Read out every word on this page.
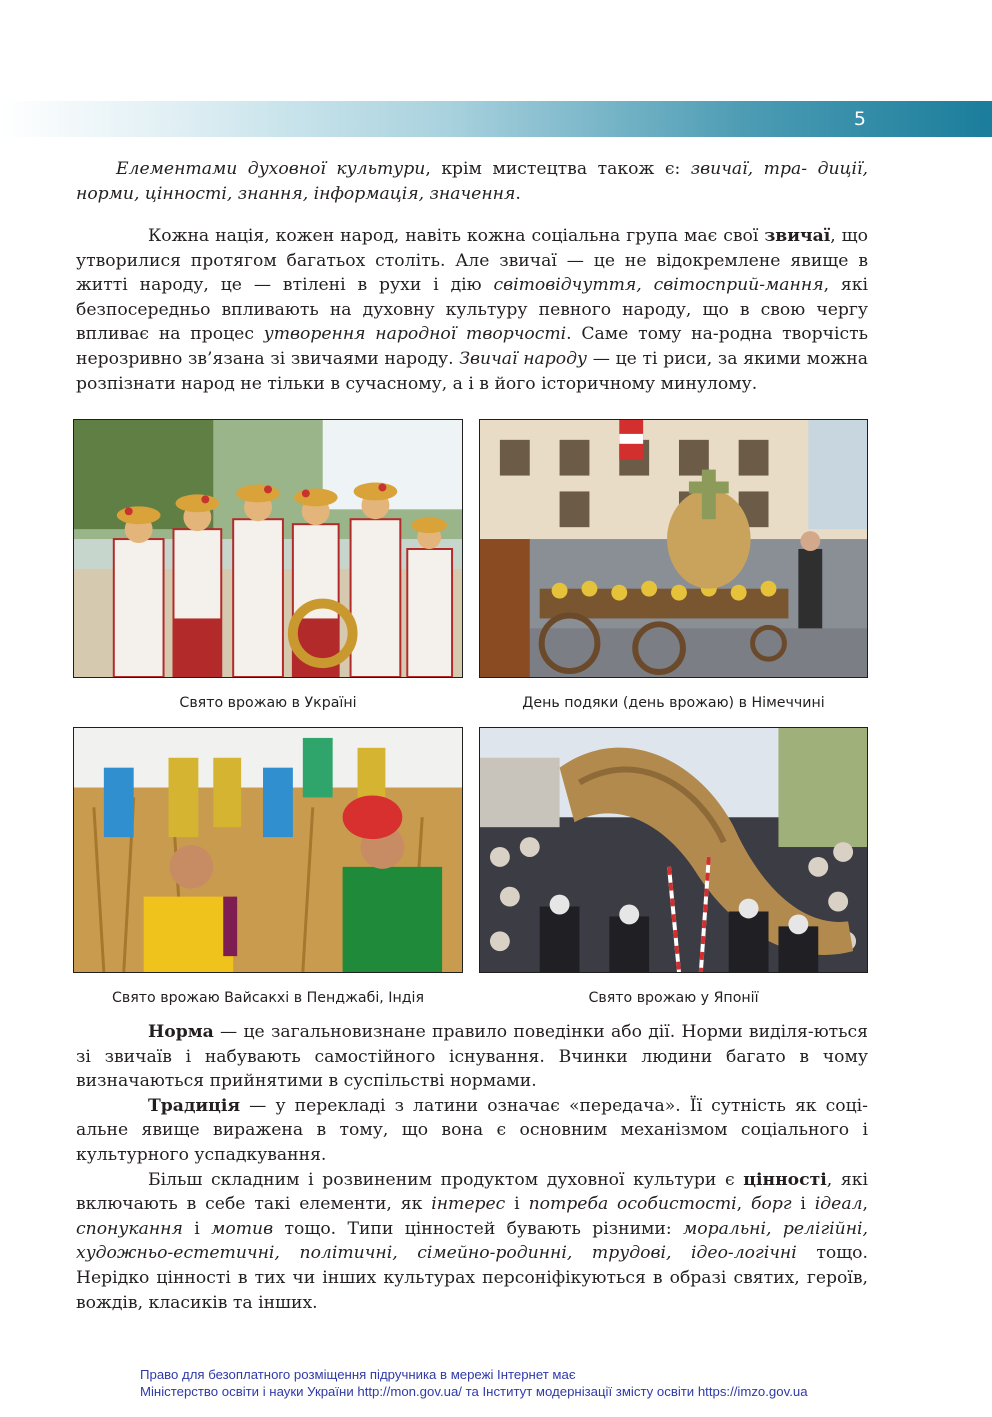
5

Елементами духовної культури, крім мистецтва також є: звичаї, тра- диції, норми, цінності, знання, інформація, значення.

Кожна нація, кожен народ, навіть кожна соціальна група має свої звичаї, що утворилися протягом багатьох століть. Але звичаї — це не відокремлене явище в житті народу, це — втілені в рухи і дію світовідчуття, світосприй-мання, які безпосередньо впливають на духовну культуру певного народу, що в свою чергу впливає на процес утворення народної творчості. Саме тому на-родна творчість нерозривно зв’язана зі звичаями народу. Звичаї народу — це ті риси, за якими можна розпізнати народ не тільки в сучасному, а і в його історичному минулому.

Свято врожаю в Україні	День подяки (день врожаю) в Німеччині
Свято врожаю Вайсакхі в Пенджабі, Індія	Свято врожаю у Японії

Норма — це загальновизнане правило поведінки або дії. Норми виділя-ються зі звичаїв і набувають самостійного існування. Вчинки людини багато в чому визначаються прийнятими в суспільстві нормами.

Традиція — у перекладі з латини означає «передача». Її сутність як соці-альне явище виражена в тому, що вона є основним механізмом соціального і культурного успадкування.

Більш складним і розвиненим продуктом духовної культури є цінності, які включають в себе такі елементи, як інтерес і потреба особистості, борг і ідеал, спонукання і мотив тощо. Типи цінностей бувають різними: моральні, релігійні, художньо-естетичні, політичні, сімейно-родинні, трудові, ідео-логічні тощо. Нерідко цінності в тих чи інших культурах персоніфікуються в образі святих, героїв, вождів, класиків та інших.

Право для безоплатного розміщення підручника в мережі Інтернет має
Міністерство освіти і науки України http://mon.gov.ua/ та Інститут модернізації змісту освіти https://imzo.gov.ua
